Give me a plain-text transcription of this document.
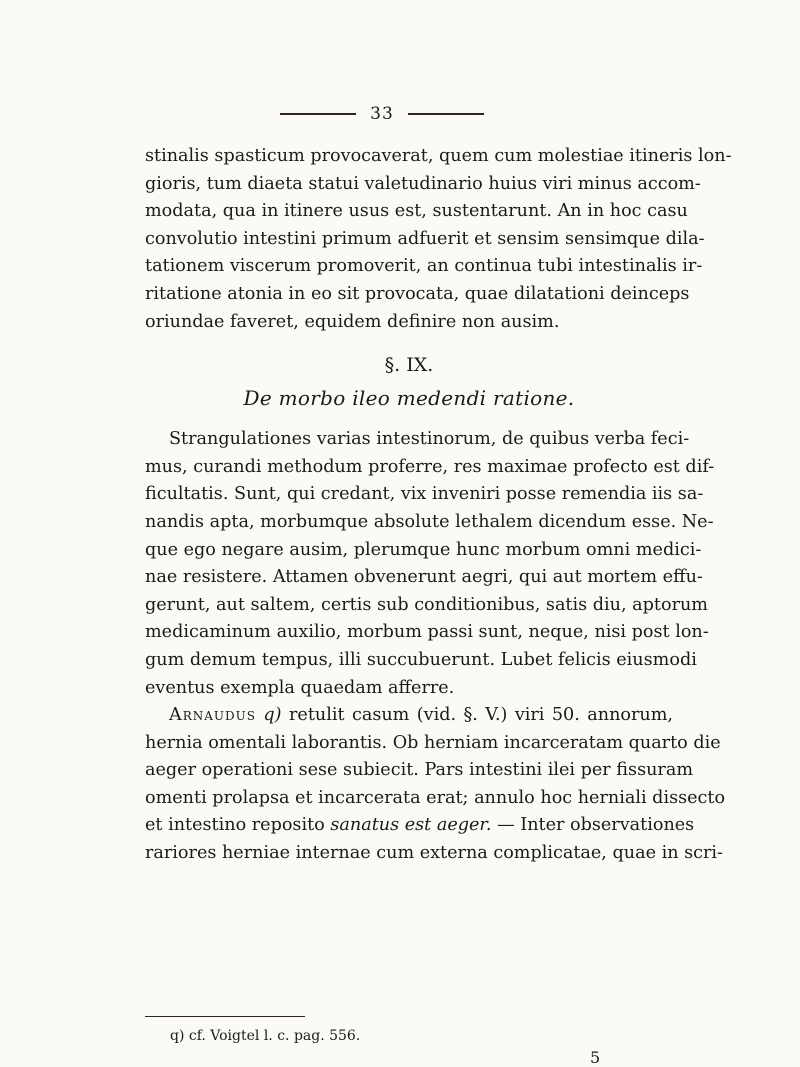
33
stinalis spasticum provocaverat, quem cum molestiae itineris lon-
gioris, tum diaeta statui valetudinario huius viri minus accom-
modata, qua in itinere usus est, sustentarunt. An in hoc casu
convolutio intestini primum adfuerit et sensim sensimque dila-
tationem viscerum promoverit, an continua tubi intestinalis ir-
ritatione atonia in eo sit provocata, quae dilatationi deinceps
oriundae faveret, equidem definire non ausim.
§. IX.
De morbo ileo medendi ratione.
Strangulationes varias intestinorum, de quibus verba feci-
mus, curandi methodum proferre, res maximae profecto est dif-
ficultatis. Sunt, qui credant, vix inveniri posse remendia iis sa-
nandis apta, morbumque absolute lethalem dicendum esse. Ne-
que ego negare ausim, plerumque hunc morbum omni medici-
nae resistere. Attamen obvenerunt aegri, qui aut mortem effu-
gerunt, aut saltem, certis sub conditionibus, satis diu, aptorum
medicaminum auxilio, morbum passi sunt, neque, nisi post lon-
gum demum tempus, illi succubuerunt. Lubet felicis eiusmodi
eventus exempla quaedam afferre.
Arnaudus q) retulit casum (vid. §. V.) viri 50. annorum,
hernia omentali laborantis. Ob herniam incarceratam quarto die
aeger operationi sese subiecit. Pars intestini ilei per fissuram
omenti prolapsa et incarcerata erat; annulo hoc herniali dissecto
et intestino reposito sanatus est aeger. — Inter observationes
rariores herniae internae cum externa complicatae, quae in scri-
q) cf. Voigtel l. c. pag. 556.
5
